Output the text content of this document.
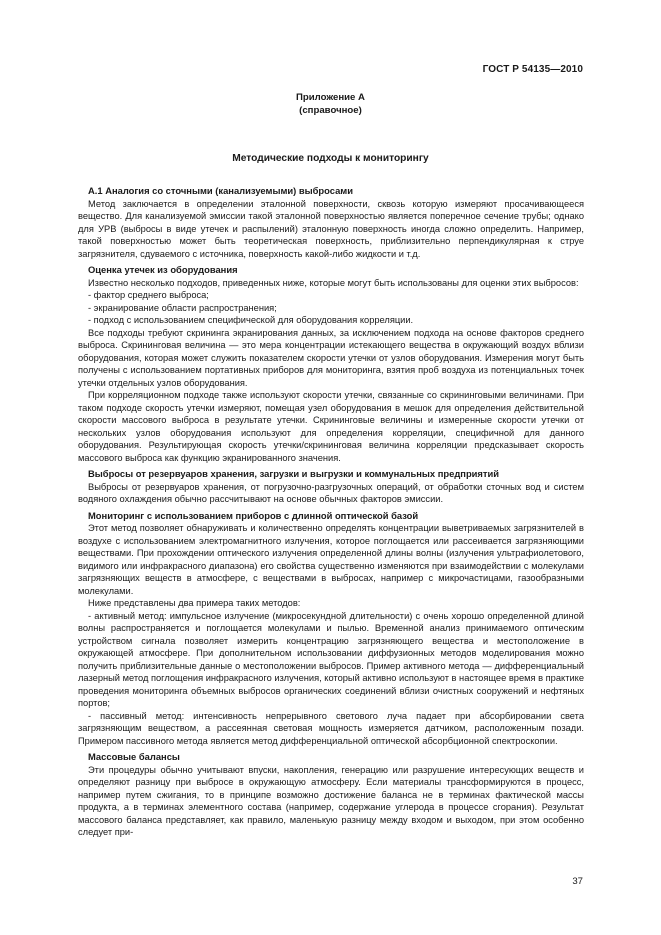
ГОСТ Р 54135—2010
Приложение А
(справочное)
Методические подходы к мониторингу
А.1 Аналогия со сточными (канализуемыми) выбросами

Метод заключается в определении эталонной поверхности, сквозь которую измеряют просачивающееся вещество. Для канализуемой эмиссии такой эталонной поверхностью является поперечное сечение трубы; однако для УРВ (выбросы в виде утечек и распылений) эталонную поверхность иногда сложно определить. Например, такой поверхностью может быть теоретическая поверхность, приблизительно перпендикулярная к струе загрязнителя, сдуваемого с источника, поверхность какой-либо жидкости и т.д.

Оценка утечек из оборудования

Известно несколько подходов, приведенных ниже, которые могут быть использованы для оценки этих выбросов:

- фактор среднего выброса;

- экранирование области распространения;

- подход с использованием специфической для оборудования корреляции.

Все подходы требуют скрининга экранирования данных, за исключением подхода на основе факторов среднего выброса. Скрининговая величина — это мера концентрации истекающего вещества в окружающий воздух вблизи оборудования, которая может служить показателем скорости утечки от узлов оборудования. Измерения могут быть получены с использованием портативных приборов для мониторинга, взятия проб воздуха из потенциальных точек утечки отдельных узлов оборудования.

При корреляционном подходе также используют скорости утечки, связанные со скрининговыми величинами. При таком подходе скорость утечки измеряют, помещая узел оборудования в мешок для определения действительной скорости массового выброса в результате утечки. Скрининговые величины и измеренные скорости утечки от нескольких узлов оборудования используют для определения корреляции, специфичной для данного оборудования. Результирующая скорость утечки/скрининговая величина корреляции предсказывает скорость массового выброса как функцию экранированного значения.

Выбросы от резервуаров хранения, загрузки и выгрузки и коммунальных предприятий

Выбросы от резервуаров хранения, от погрузочно-разгрузочных операций, от обработки сточных вод и систем водяного охлаждения обычно рассчитывают на основе обычных факторов эмиссии.

Мониторинг с использованием приборов с длинной оптической базой

Этот метод позволяет обнаруживать и количественно определять концентрации выветриваемых загрязнителей в воздухе с использованием электромагнитного излучения, которое поглощается или рассеивается загрязняющими веществами. При прохождении оптического излучения определенной длины волны (излучения ультрафиолетового, видимого или инфракрасного диапазона) его свойства существенно изменяются при взаимодействии с молекулами загрязняющих веществ в атмосфере, с веществами в выбросах, например с микрочастицами, газообразными молекулами.

Ниже представлены два примера таких методов:

- активный метод: импульсное излучение (микросекундной длительности) с очень хорошо определенной длиной волны распространяется и поглощается молекулами и пылью. Временной анализ принимаемого оптическим устройством сигнала позволяет измерить концентрацию загрязняющего вещества и местоположение в окружающей атмосфере. При дополнительном использовании диффузионных методов моделирования можно получить приблизительные данные о местоположении выбросов. Пример активного метода — дифференциальный лазерный метод поглощения инфракрасного излучения, который активно используют в настоящее время в практике проведения мониторинга объемных выбросов органических соединений вблизи очистных сооружений и нефтяных портов;

- пассивный метод: интенсивность непрерывного светового луча падает при абсорбировании света загрязняющим веществом, а рассеянная световая мощность измеряется датчиком, расположенным позади. Примером пассивного метода является метод дифференциальной оптической абсорбционной спектроскопии.

Массовые балансы

Эти процедуры обычно учитывают впуски, накопления, генерацию или разрушение интересующих веществ и определяют разницу при выбросе в окружающую атмосферу. Если материалы трансформируются в процесс, например путем сжигания, то в принципе возможно достижение баланса не в терминах фактической массы продукта, а в терминах элементного состава (например, содержание углерода в процессе сгорания). Результат массового баланса представляет, как правило, маленькую разницу между входом и выходом, при этом особенно следует при-

37
